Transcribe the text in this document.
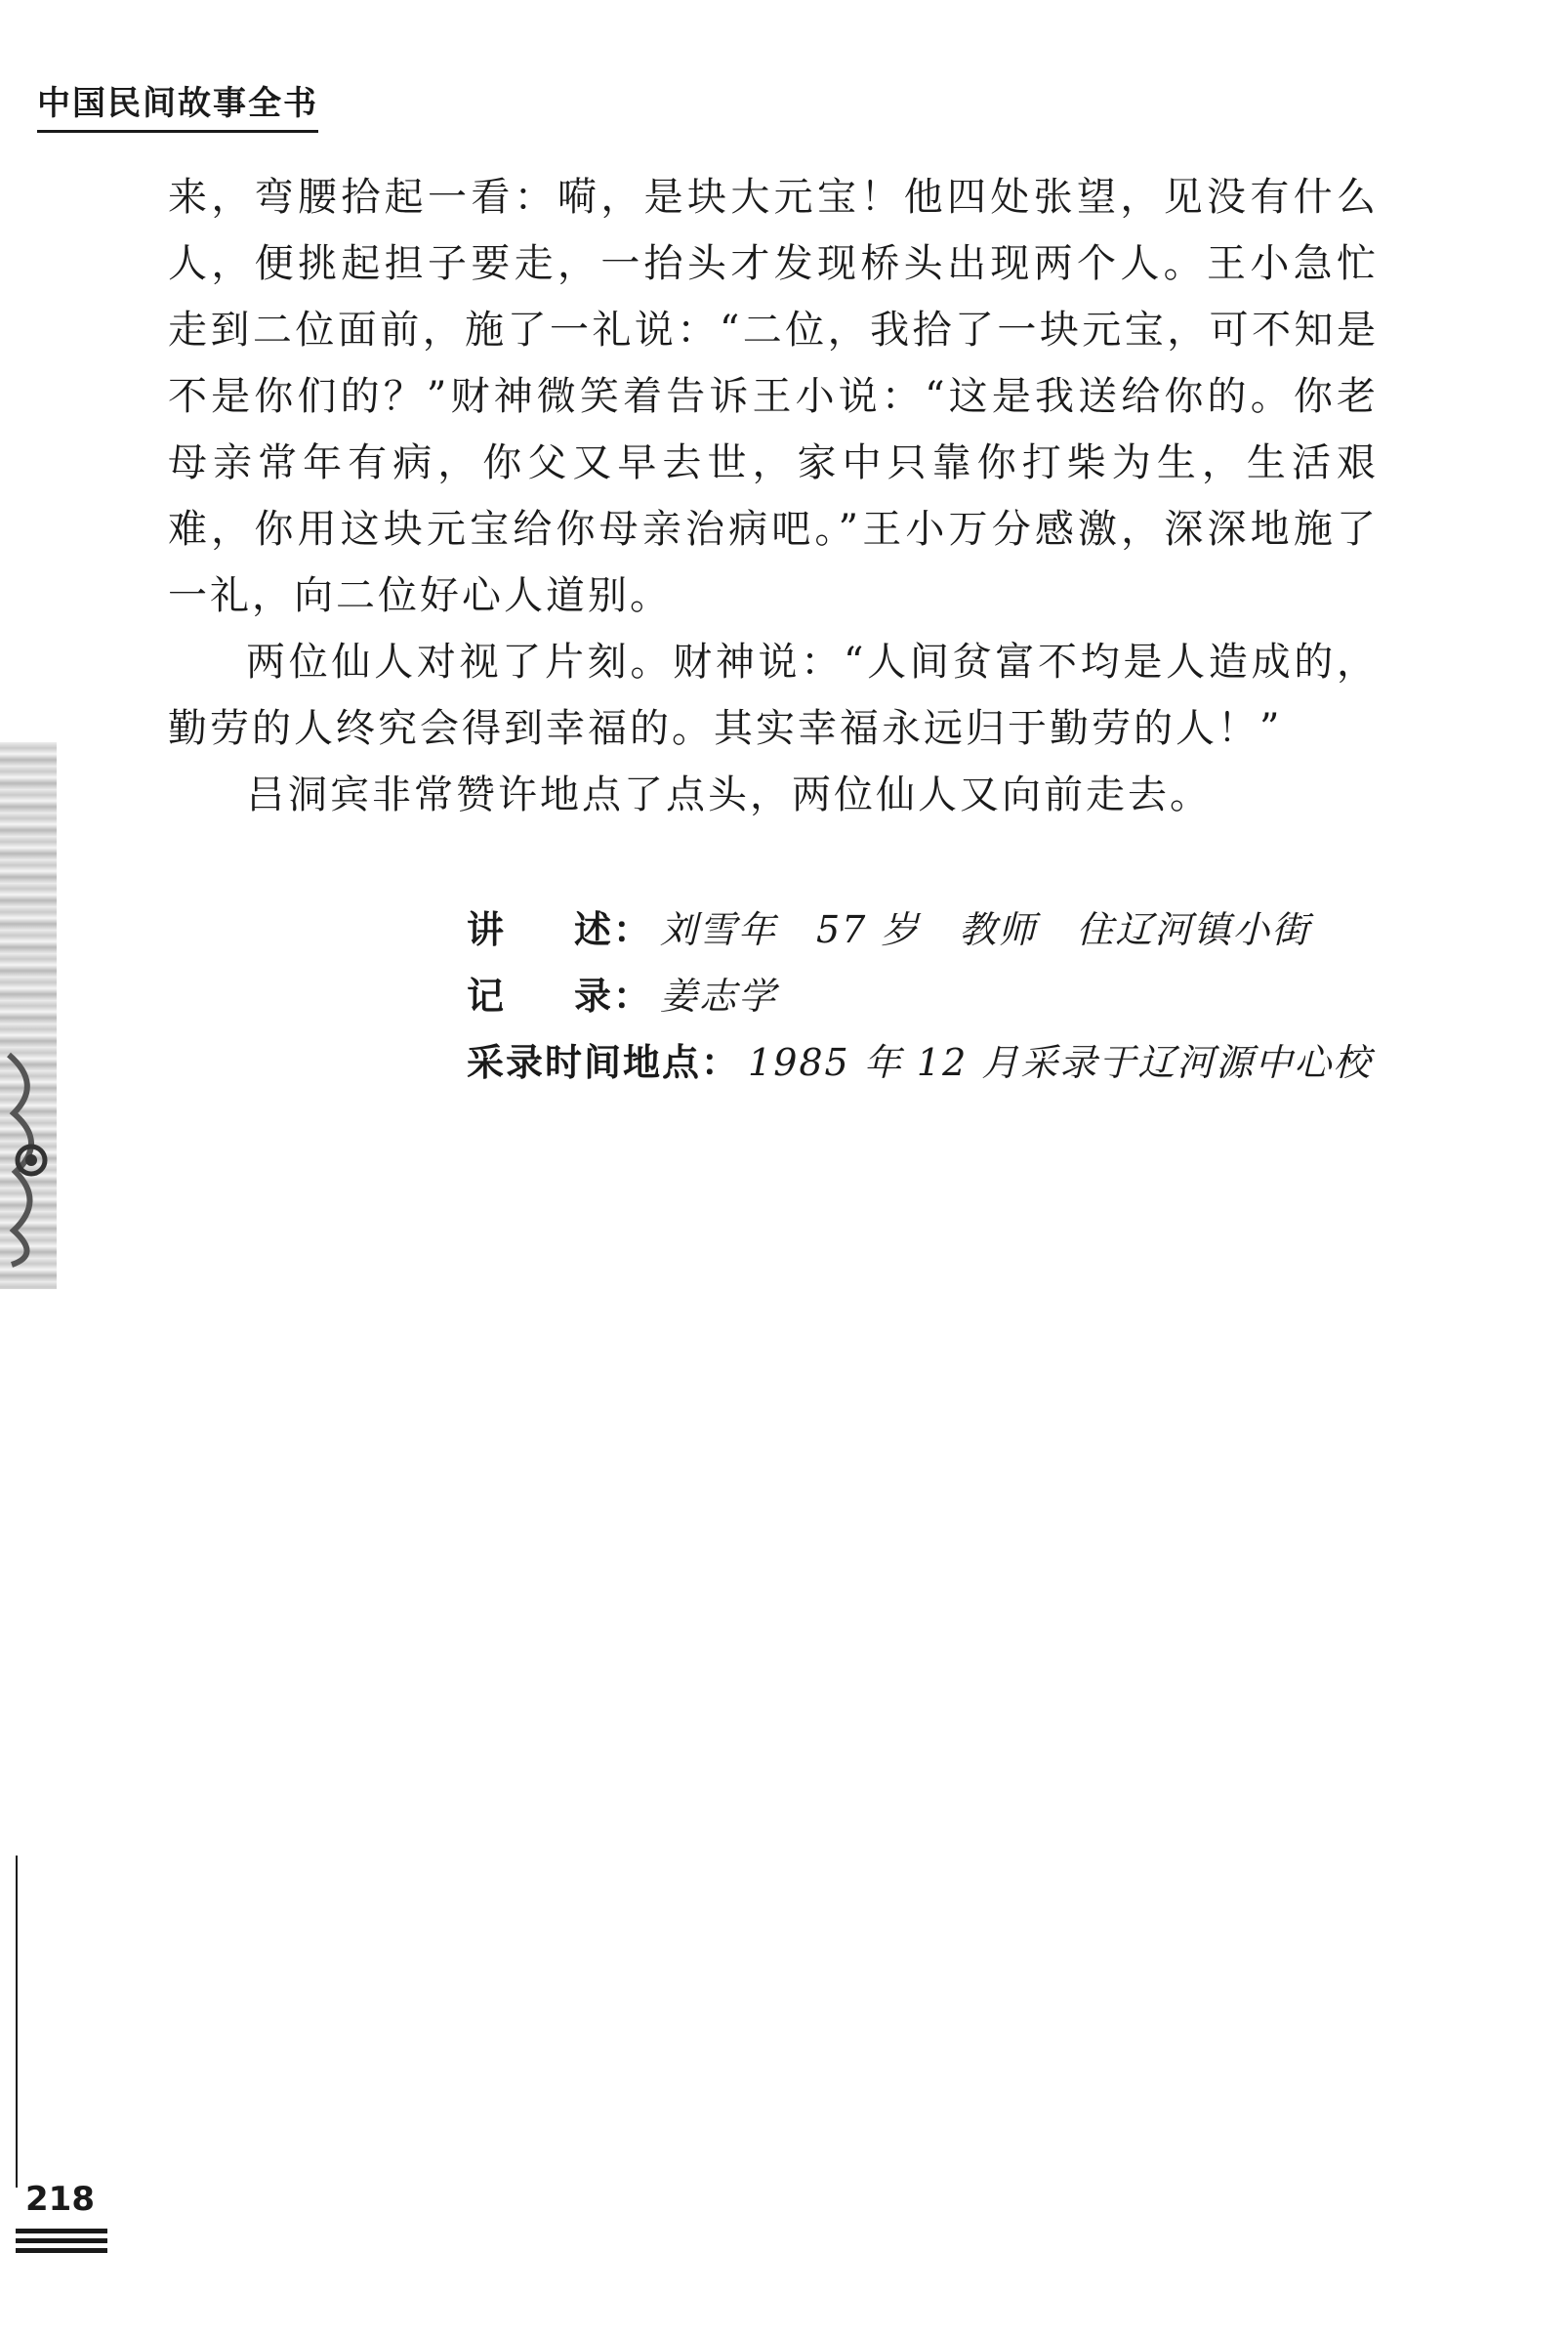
中国民间故事全书

来，弯腰拾起一看：嗬，是块大元宝！他四处张望，见没有什么人，便挑起担子要走，一抬头才发现桥头出现两个人。王小急忙走到二位面前，施了一礼说：“二位，我拾了一块元宝，可不知是不是你们的？”财神微笑着告诉王小说：“这是我送给你的。你老母亲常年有病，你父又早去世，家中只靠你打柴为生，生活艰难，你用这块元宝给你母亲治病吧。”王小万分感激，深深地施了一礼，向二位好心人道别。

两位仙人对视了片刻。财神说：“人间贫富不均是人造成的，勤劳的人终究会得到幸福的。其实幸福永远归于勤劳的人！”

吕洞宾非常赞许地点了点头，两位仙人又向前走去。

讲 述： 刘雪年　57 岁　教师　住辽河镇小街
记 录： 姜志学
采录时间地点： 1985 年 12 月采录于辽河源中心校
218
